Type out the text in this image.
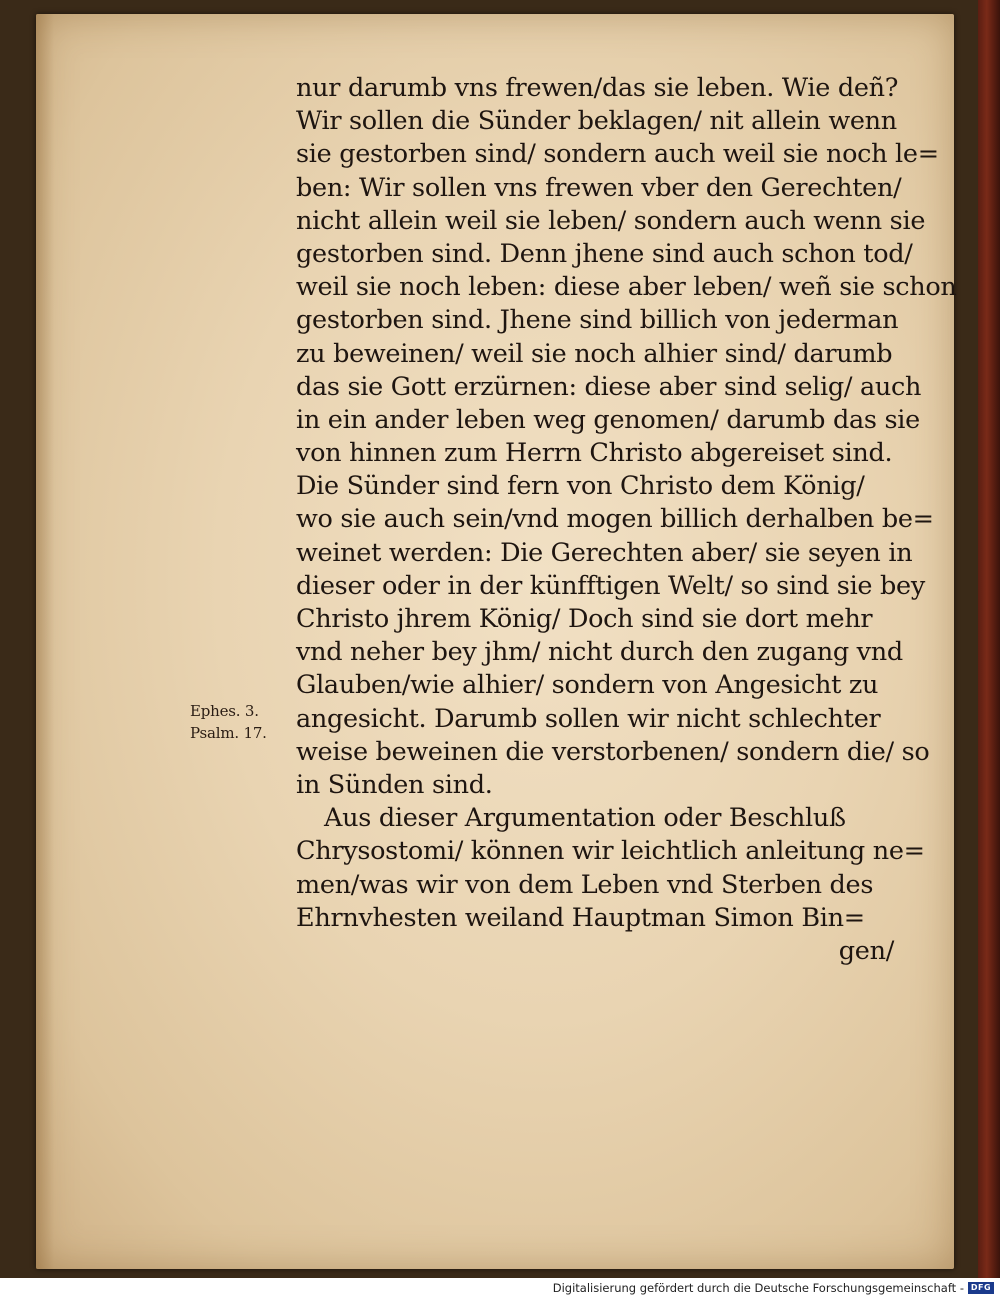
Ephes. 3.
Psalm. 17.
nur darumb vns frewen/das sie leben. Wie deñ?
Wir sollen die Sünder beklagen/ nit allein wenn
sie gestorben sind/ sondern auch weil sie noch le=
ben: Wir sollen vns frewen vber den Gerechten/
nicht allein weil sie leben/ sondern auch wenn sie
gestorben sind. Denn jhene sind auch schon tod/
weil sie noch leben: diese aber leben/ weñ sie schon
gestorben sind. Jhene sind billich von jederman
zu beweinen/ weil sie noch alhier sind/ darumb
das sie Gott erzürnen: diese aber sind selig/ auch
in ein ander leben weg genomen/ darumb das sie
von hinnen zum Herrn Christo abgereiset sind.
Die Sünder sind fern von Christo dem König/
wo sie auch sein/vnd mogen billich derhalben be=
weinet werden: Die Gerechten aber/ sie seyen in
dieser oder in der künfftigen Welt/ so sind sie bey
Christo jhrem König/ Doch sind sie dort mehr
vnd neher bey jhm/ nicht durch den zugang vnd
Glauben/wie alhier/ sondern von Angesicht zu
angesicht. Darumb sollen wir nicht schlechter
weise beweinen die verstorbenen/ sondern die/ so
in Sünden sind.
Aus dieser Argumentation oder Beschluß
Chrysostomi/ können wir leichtlich anleitung ne=
men/was wir von dem Leben vnd Sterben des
Ehrnvhesten weiland Hauptman Simon Bin=
gen/
Digitalisierung gefördert durch die Deutsche Forschungsgemeinschaft - DFG
